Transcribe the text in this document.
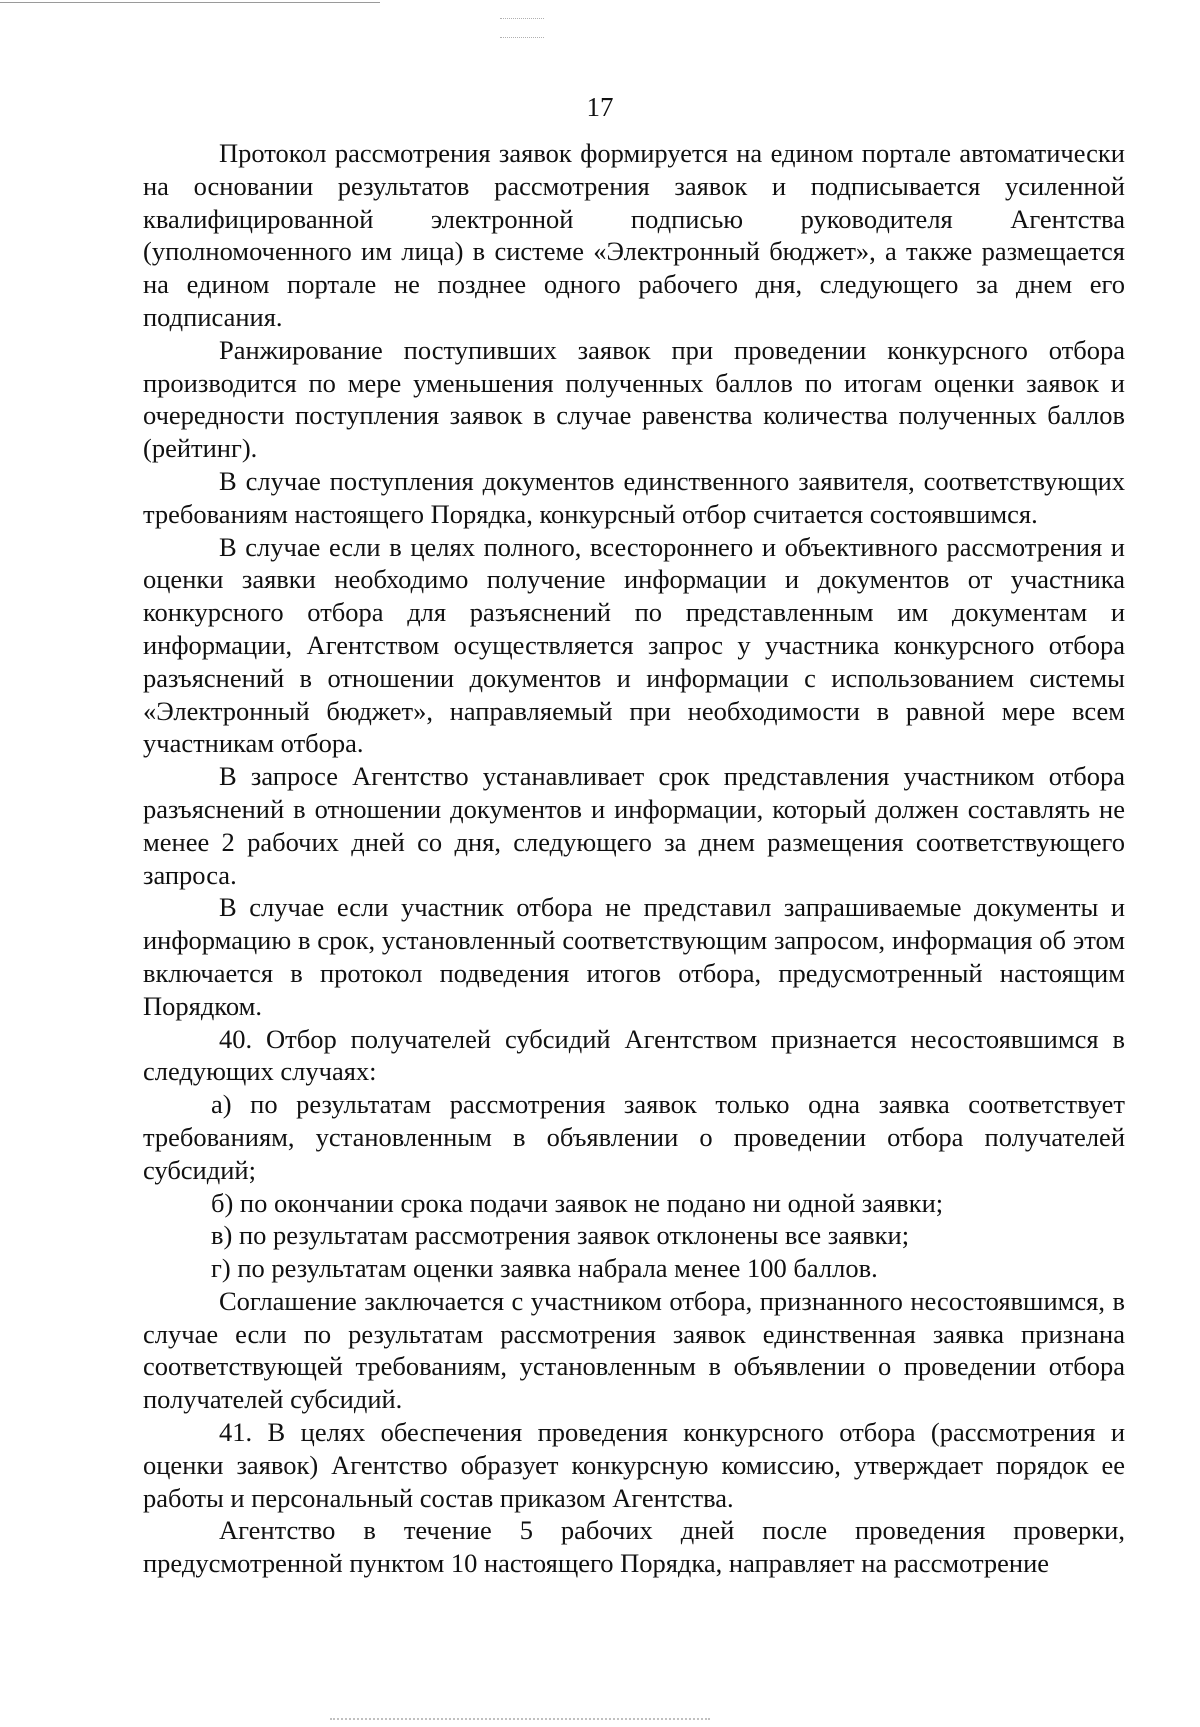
17

Протокол рассмотрения заявок формируется на едином портале автоматически на основании результатов рассмотрения заявок и подписывается усиленной квалифицированной электронной подписью руководителя Агентства (уполномоченного им лица) в системе «Электронный бюджет», а также размещается на едином портале не позднее одного рабочего дня, следующего за днем его подписания.

Ранжирование поступивших заявок при проведении конкурсного отбора производится по мере уменьшения полученных баллов по итогам оценки заявок и очередности поступления заявок в случае равенства количества полученных баллов (рейтинг).

В случае поступления документов единственного заявителя, соответствующих требованиям настоящего Порядка, конкурсный отбор считается состоявшимся.

В случае если в целях полного, всестороннего и объективного рассмотрения и оценки заявки необходимо получение информации и документов от участника конкурсного отбора для разъяснений по представленным им документам и информации, Агентством осуществляется запрос у участника конкурсного отбора разъяснений в отношении документов и информации с использованием системы «Электронный бюджет», направляемый при необходимости в равной мере всем участникам отбора.

В запросе Агентство устанавливает срок представления участником отбора разъяснений в отношении документов и информации, который должен составлять не менее 2 рабочих дней со дня, следующего за днем размещения соответствующего запроса.

В случае если участник отбора не представил запрашиваемые документы и информацию в срок, установленный соответствующим запросом, информация об этом включается в протокол подведения итогов отбора, предусмотренный настоящим Порядком.

40. Отбор получателей субсидий Агентством признается несостоявшимся в следующих случаях:

а) по результатам рассмотрения заявок только одна заявка соответствует требованиям, установленным в объявлении о проведении отбора получателей субсидий;

б) по окончании срока подачи заявок не подано ни одной заявки;

в) по результатам рассмотрения заявок отклонены все заявки;

г) по результатам оценки заявка набрала менее 100 баллов.

Соглашение заключается с участником отбора, признанного несостоявшимся, в случае если по результатам рассмотрения заявок единственная заявка признана соответствующей требованиям, установленным в объявлении о проведении отбора получателей субсидий.

41. В целях обеспечения проведения конкурсного отбора (рассмотрения и оценки заявок) Агентство образует конкурсную комиссию, утверждает порядок ее работы и персональный состав приказом Агентства.

Агентство в течение 5 рабочих дней после проведения проверки, предусмотренной пунктом 10 настоящего Порядка, направляет на рассмотрение
